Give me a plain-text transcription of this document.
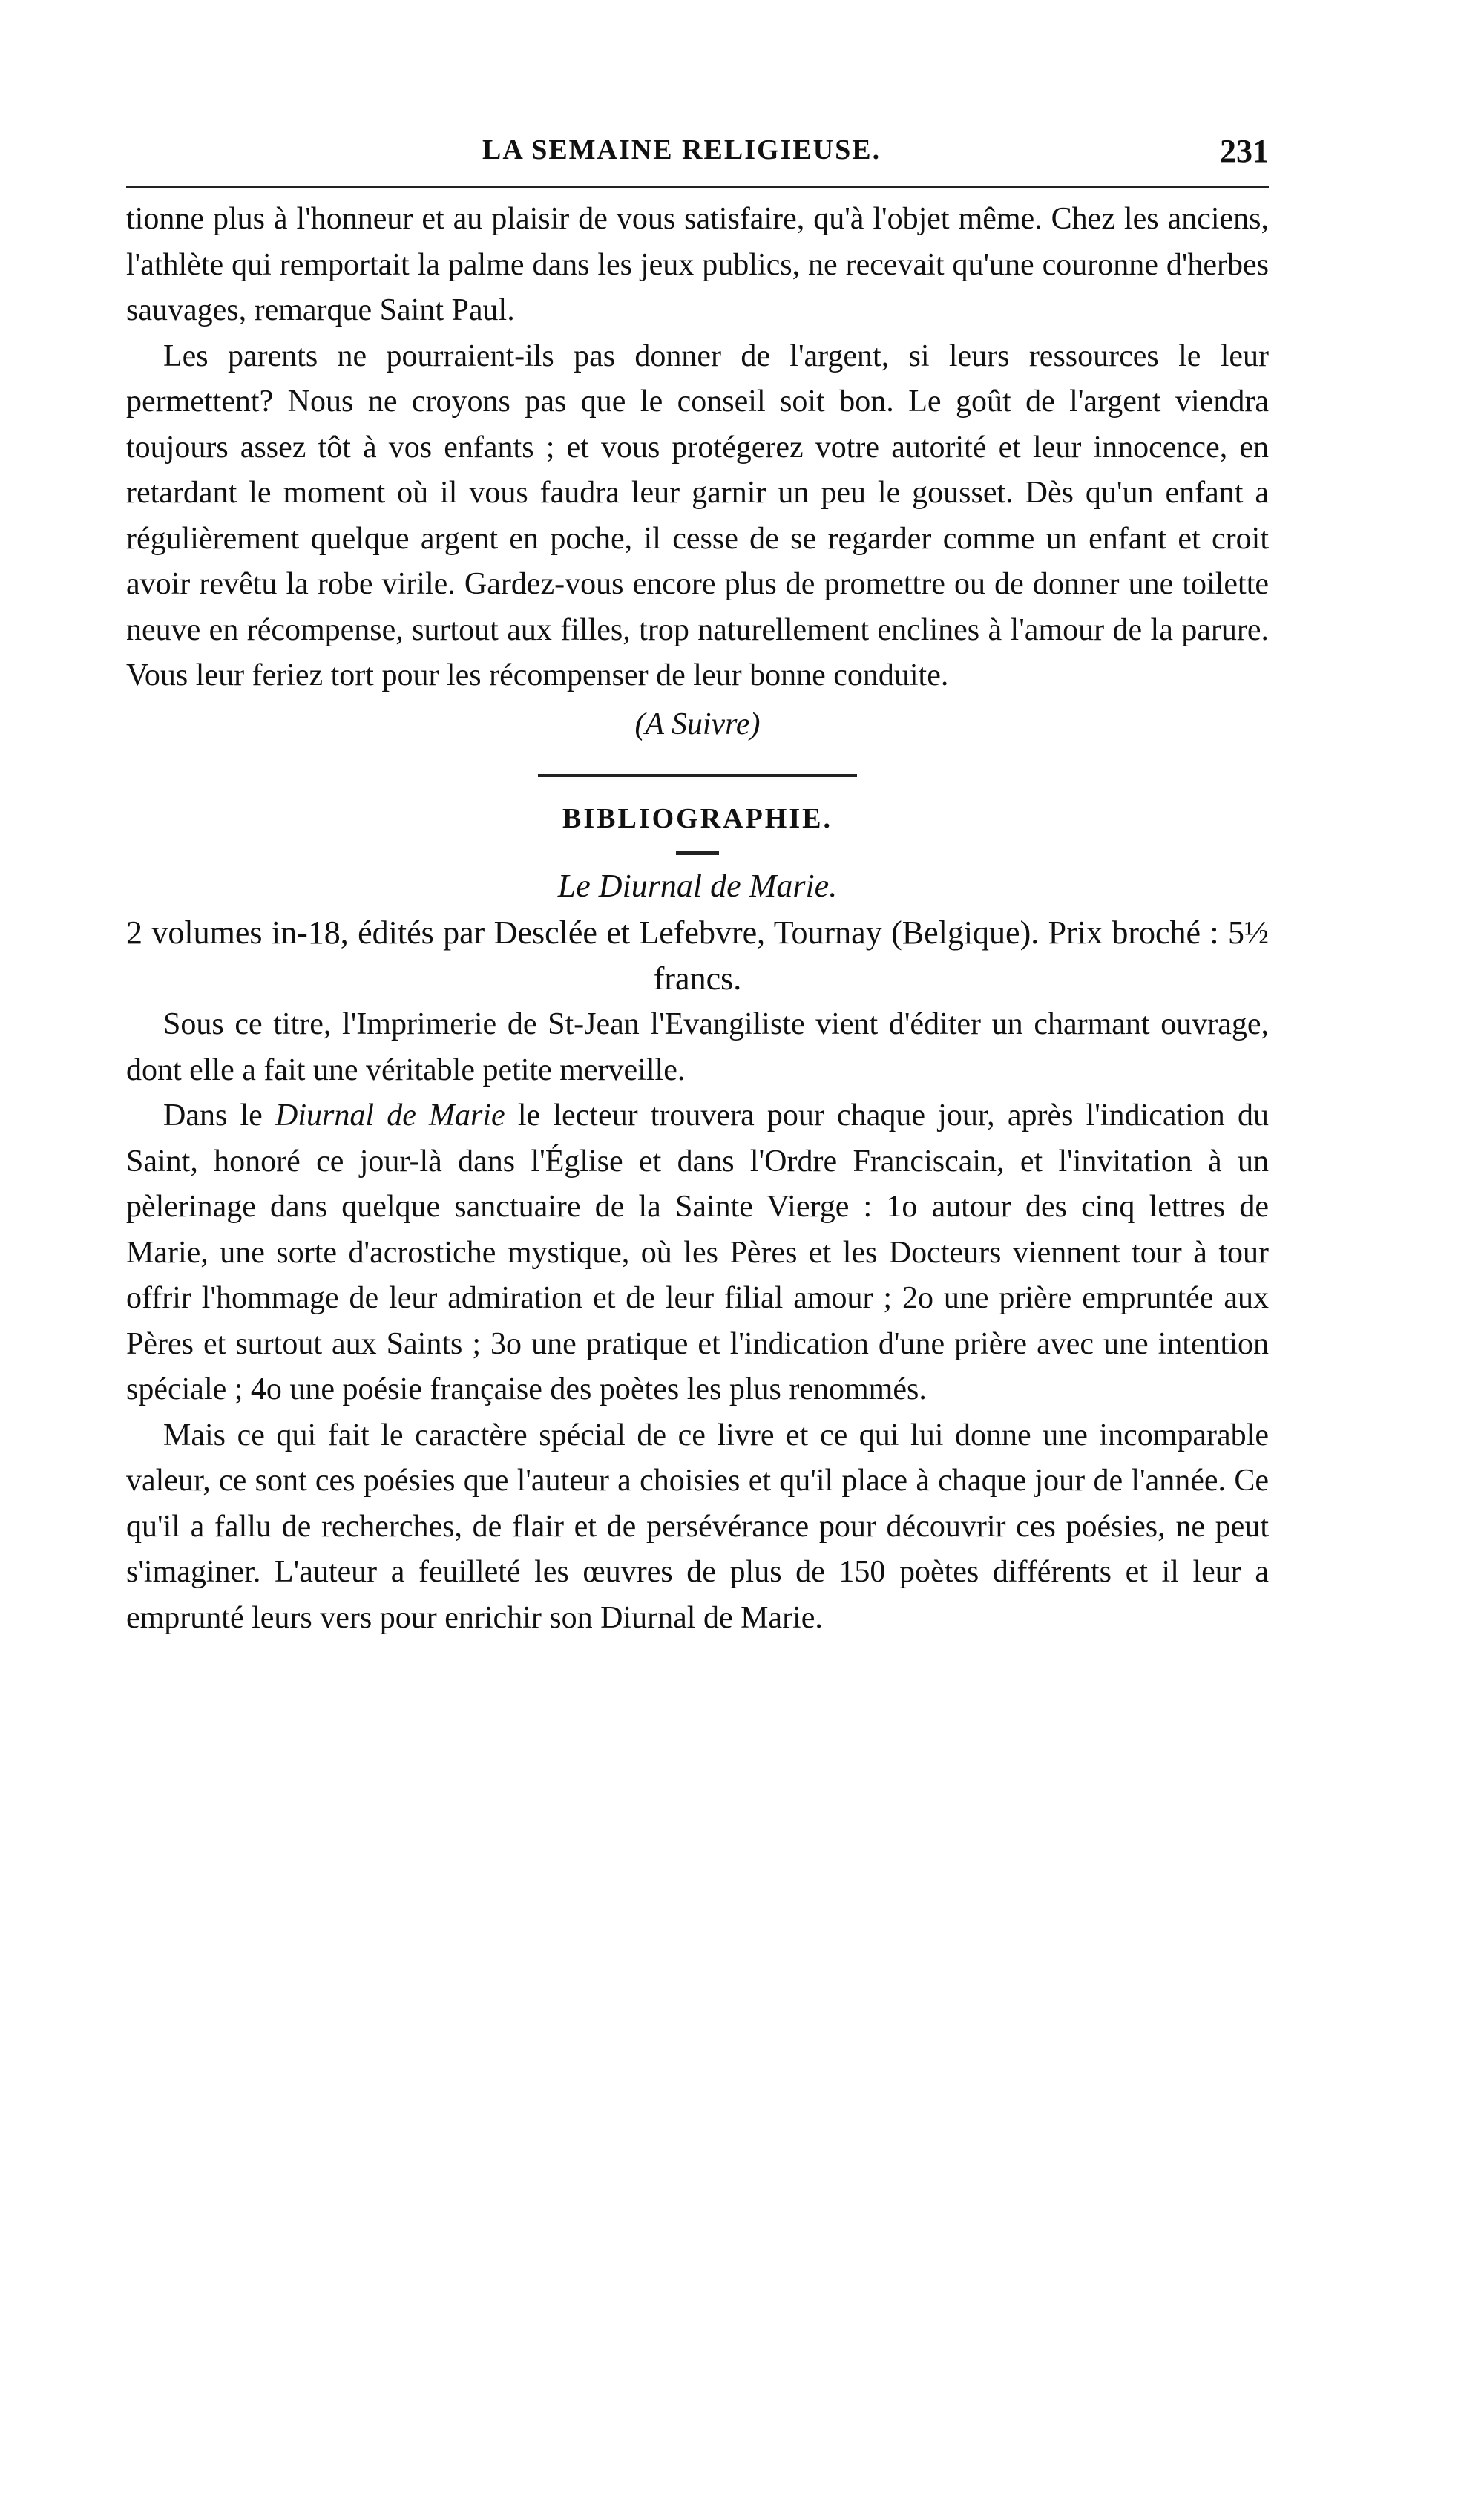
LA SEMAINE RELIGIEUSE.	231

tionne plus à l'honneur et au plaisir de vous satisfaire, qu'à l'objet même. Chez les anciens, l'athlète qui remportait la palme dans les jeux publics, ne recevait qu'une couronne d'herbes sauvages, remarque Saint Paul.

Les parents ne pourraient-ils pas donner de l'argent, si leurs ressources le leur permettent? Nous ne croyons pas que le conseil soit bon. Le goût de l'argent viendra toujours assez tôt à vos enfants ; et vous protégerez votre autorité et leur innocence, en retardant le moment où il vous faudra leur garnir un peu le gousset. Dès qu'un enfant a régulièrement quelque argent en poche, il cesse de se regarder comme un enfant et croit avoir revêtu la robe virile. Gardez-vous encore plus de promettre ou de donner une toilette neuve en récompense, surtout aux filles, trop naturellement enclines à l'amour de la parure. Vous leur feriez tort pour les récompenser de leur bonne conduite.

(A Suivre)
BIBLIOGRAPHIE.
Le Diurnal de Marie.
2 volumes in-18, édités par Desclée et Lefebvre, Tournay (Belgique). Prix broché : 5½ francs.

Sous ce titre, l'Imprimerie de St-Jean l'Evangiliste vient d'éditer un charmant ouvrage, dont elle a fait une véritable petite merveille.

Dans le Diurnal de Marie le lecteur trouvera pour chaque jour, après l'indication du Saint, honoré ce jour-là dans l'Église et dans l'Ordre Franciscain, et l'invitation à un pèlerinage dans quelque sanctuaire de la Sainte Vierge : 1o autour des cinq lettres de Marie, une sorte d'acrostiche mystique, où les Pères et les Docteurs viennent tour à tour offrir l'hommage de leur admiration et de leur filial amour ; 2o une prière empruntée aux Pères et surtout aux Saints ; 3o une pratique et l'indication d'une prière avec une intention spéciale ; 4o une poésie française des poètes les plus renommés.

Mais ce qui fait le caractère spécial de ce livre et ce qui lui donne une incomparable valeur, ce sont ces poésies que l'auteur a choisies et qu'il place à chaque jour de l'année. Ce qu'il a fallu de recherches, de flair et de persévérance pour découvrir ces poésies, ne peut s'imaginer. L'auteur a feuilleté les œuvres de plus de 150 poètes différents et il leur a emprunté leurs vers pour enrichir son Diurnal de Marie.
